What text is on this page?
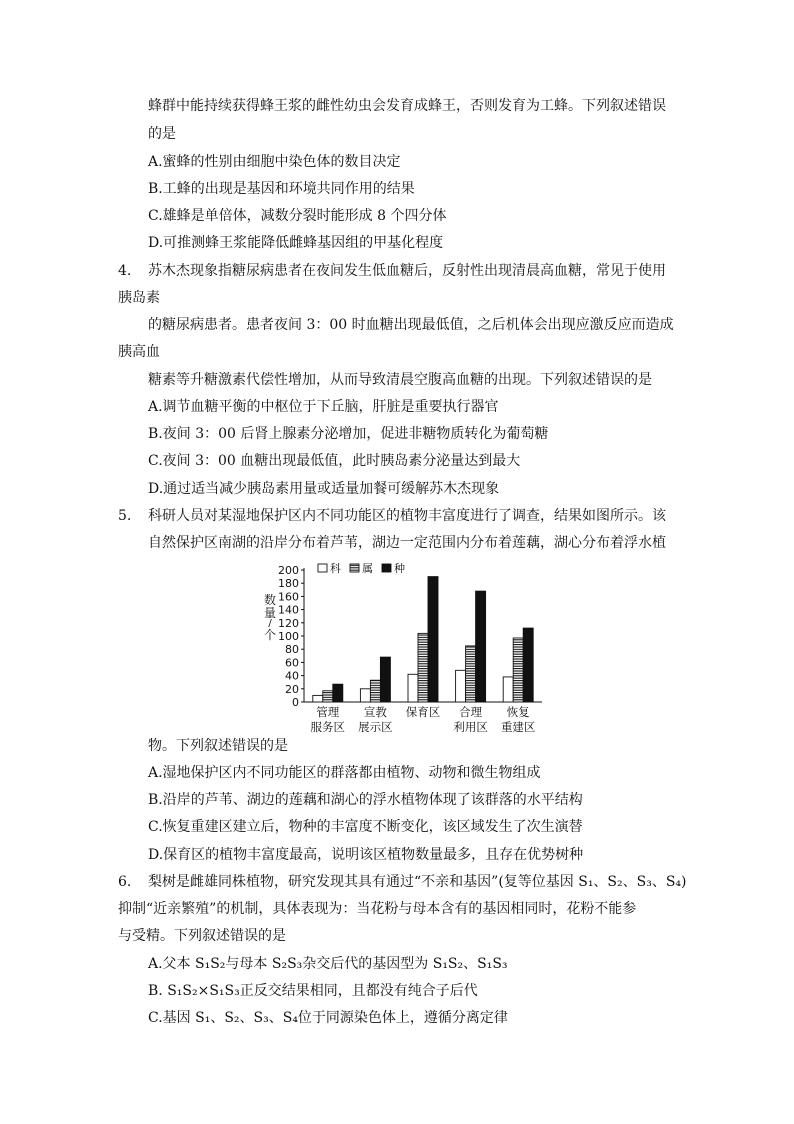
蜂群中能持续获得蜂王浆的雌性幼虫会发育成蜂王，否则发育为工蜂。下列叙述错误
的是
A.蜜蜂的性别由细胞中染色体的数目决定
B.工蜂的出现是基因和环境共同作用的结果
C.雄蜂是单倍体，减数分裂时能形成 8 个四分体
D.可推测蜂王浆能降低雌蜂基因组的甲基化程度
4. 苏木杰现象指糖尿病患者在夜间发生低血糖后，反射性出现清晨高血糖，常见于使用
胰岛素
的糖尿病患者。患者夜间 3：00 时血糖出现最低值，之后机体会出现应激反应而造成
胰高血
糖素等升糖激素代偿性增加，从而导致清晨空腹高血糖的出现。下列叙述错误的是
A.调节血糖平衡的中枢位于下丘脑，肝脏是重要执行器官
B.夜间 3：00 后肾上腺素分泌增加，促进非糖物质转化为葡萄糖
C.夜间 3：00 血糖出现最低值，此时胰岛素分泌量达到最大
D.通过适当减少胰岛素用量或适量加餐可缓解苏木杰现象
5. 科研人员对某湿地保护区内不同功能区的植物丰富度进行了调查，结果如图所示。该
自然保护区南湖的沿岸分布着芦苇，湖边一定范围内分布着莲藕，湖心分布着浮水植
数量/个
0
20
40
60
80
100
120
140
160
180
200
管理
服务区
宣教
展示区
保育区 合理
利用区
恢复
重建区
科 属 种
物。下列叙述错误的是
A.湿地保护区内不同功能区的群落都由植物、动物和微生物组成
B.沿岸的芦苇、湖边的莲藕和湖心的浮水植物体现了该群落的水平结构
C.恢复重建区建立后，物种的丰富度不断变化，该区域发生了次生演替
D.保育区的植物丰富度最高，说明该区植物数量最多，且存在优势树种
6. 梨树是雌雄同株植物，研究发现其具有通过“不亲和基因”(复等位基因 S₁、S₂、S₃、S₄)
抑制“近亲繁殖”的机制，具体表现为：当花粉与母本含有的基因相同时，花粉不能参
与受精。下列叙述错误的是
A.父本 S₁S₂与母本 S₂S₃杂交后代的基因型为 S₁S₂、S₁S₃
B. S₁S₂×S₁S₃正反交结果相同，且都没有纯合子后代
C.基因 S₁、S₂、S₃、S₄位于同源染色体上，遵循分离定律
